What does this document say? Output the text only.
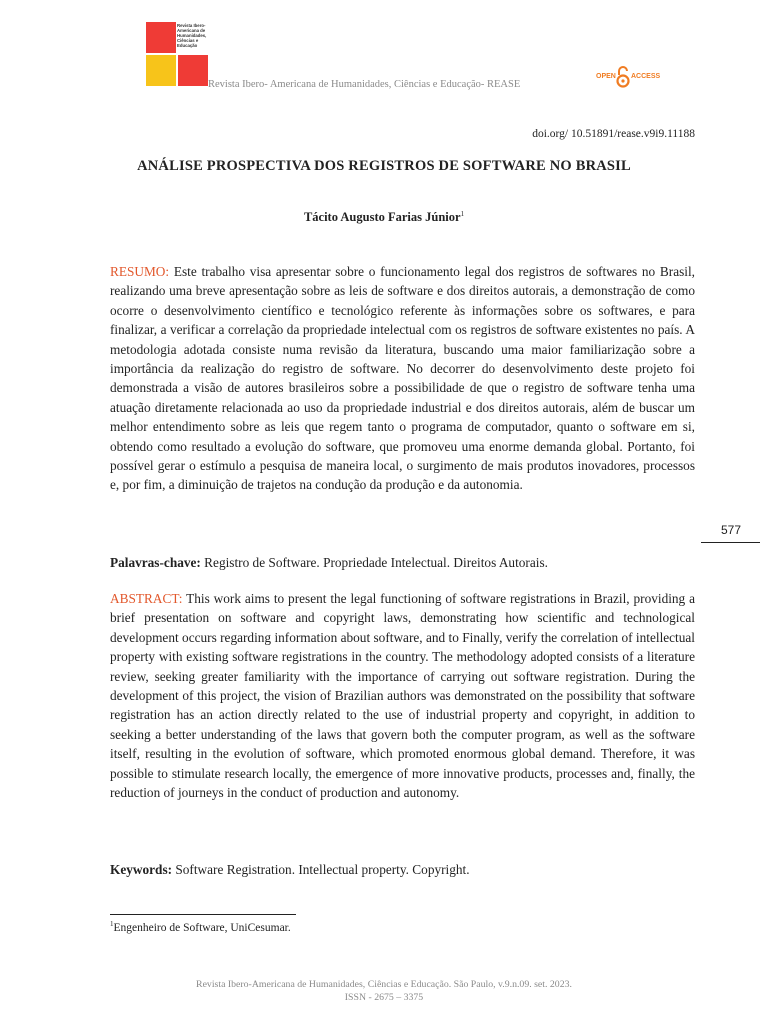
Revista Ibero-Americana de Humanidades, Ciências e Educação
Revista Ibero- Americana de Humanidades, Ciências e Educação- REASE
OPEN ACCESS
doi.org/ 10.51891/rease.v9i9.11188
ANÁLISE PROSPECTIVA DOS REGISTROS DE SOFTWARE NO BRASIL
Tácito Augusto Farias Júnior$^1$
RESUMO: Este trabalho visa apresentar sobre o funcionamento legal dos registros de softwares no Brasil, realizando uma breve apresentação sobre as leis de software e dos direitos autorais, a demonstração de como ocorre o desenvolvimento científico e tecnológico referente às informações sobre os softwares, e para finalizar, a verificar a correlação da propriedade intelectual com os registros de software existentes no país. A metodologia adotada consiste numa revisão da literatura, buscando uma maior familiarização sobre a importância da realização do registro de software. No decorrer do desenvolvimento deste projeto foi demonstrada a visão de autores brasileiros sobre a possibilidade de que o registro de software tenha uma atuação diretamente relacionada ao uso da propriedade industrial e dos direitos autorais, além de buscar um melhor entendimento sobre as leis que regem tanto o programa de computador, quanto o software em si, obtendo como resultado a evolução do software, que promoveu uma enorme demanda global. Portanto, foi possível gerar o estímulo a pesquisa de maneira local, o surgimento de mais produtos inovadores, processos e, por fim, a diminuição de trajetos na condução da produção e da autonomia.
577
Palavras-chave: Registro de Software. Propriedade Intelectual. Direitos Autorais.
ABSTRACT: This work aims to present the legal functioning of software registrations in Brazil, providing a brief presentation on software and copyright laws, demonstrating how scientific and technological development occurs regarding information about software, and to Finally, verify the correlation of intellectual property with existing software registrations in the country. The methodology adopted consists of a literature review, seeking greater familiarity with the importance of carrying out software registration. During the development of this project, the vision of Brazilian authors was demonstrated on the possibility that software registration has an action directly related to the use of industrial property and copyright, in addition to seeking a better understanding of the laws that govern both the computer program, as well as the software itself, resulting in the evolution of software, which promoted enormous global demand. Therefore, it was possible to stimulate research locally, the emergence of more innovative products, processes and, finally, the reduction of journeys in the conduct of production and autonomy.
Keywords: Software Registration. Intellectual property. Copyright.
$^1$Engenheiro de Software, UniCesumar.
Revista Ibero-Americana de Humanidades, Ciências e Educação. São Paulo, v.9.n.09. set. 2023.
ISSN - 2675 – 3375
